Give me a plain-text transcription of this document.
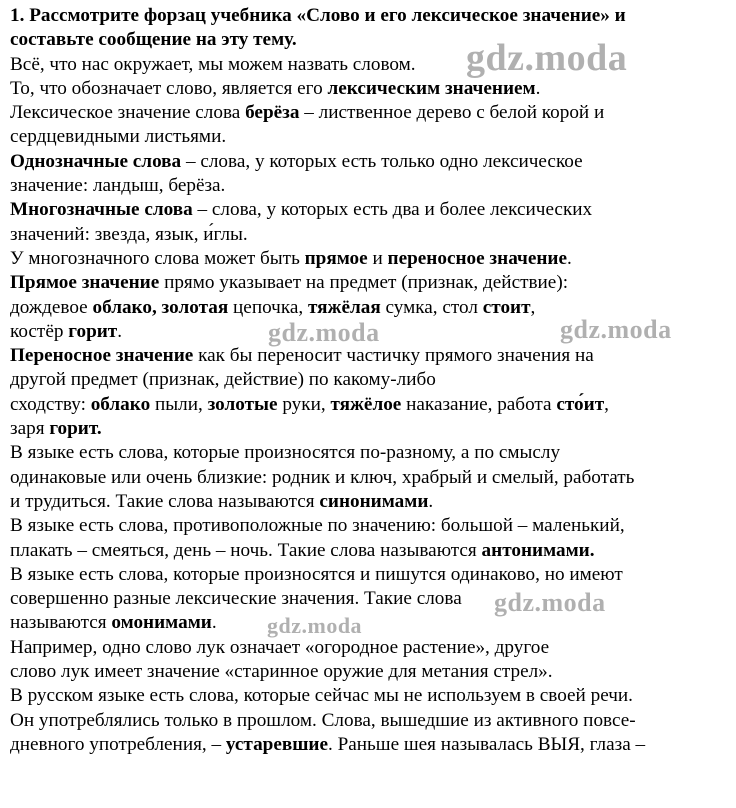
1. Рассмотрите форзац учебника «Слово и его лексическое значение» и
составьте сообщение на эту тему.
Всё, что нас окружает, мы можем назвать словом.
То, что обозначает слово, является его лексическим значением.
Лексическое значение слова берёза – лиственное дерево с белой корой и
сердцевидными листьями.
Однозначные слова – слова, у которых есть только одно лексическое
значение: ландыш, берёза.
Многозначные слова – слова, у которых есть два и более лексических
значений: звезда, язык, и́глы.
У многозначного слова может быть прямое и переносное значение.
Прямое значение прямо указывает на предмет (признак, действие):
дождевое облако, золотая цепочка, тяжёлая сумка, стол стоит,
костёр горит.
Переносное значение как бы переносит частичку прямого значения на
другой предмет (признак, действие) по какому-либо
сходству: облако пыли, золотые руки, тяжёлое наказание, работа сто́ит,
заря горит.
В языке есть слова, которые произносятся по-разному, а по смыслу
одинаковые или очень близкие: родник и ключ, храбрый и смелый, работать
и трудиться. Такие слова называются синонимами.
В языке есть слова, противоположные по значению: большой – маленький,
плакать – смеяться, день – ночь. Такие слова называются антонимами.
В языке есть слова, которые произносятся и пишутся одинаково, но имеют
совершенно разные лексические значения. Такие слова
называются омонимами.
Например, одно слово лук означает «огородное растение», другое
слово лук имеет значение «старинное оружие для метания стрел».
В русском языке есть слова, которые сейчас мы не используем в своей речи.
Он употреблялись только в прошлом. Слова, вышедшие из активного повсе-
дневного употребления, – устаревшие. Раньше шея называлась ВЫЯ, глаза –
gdz.moda
gdz.moda	gdz.moda
gdz.moda
gdz.moda
